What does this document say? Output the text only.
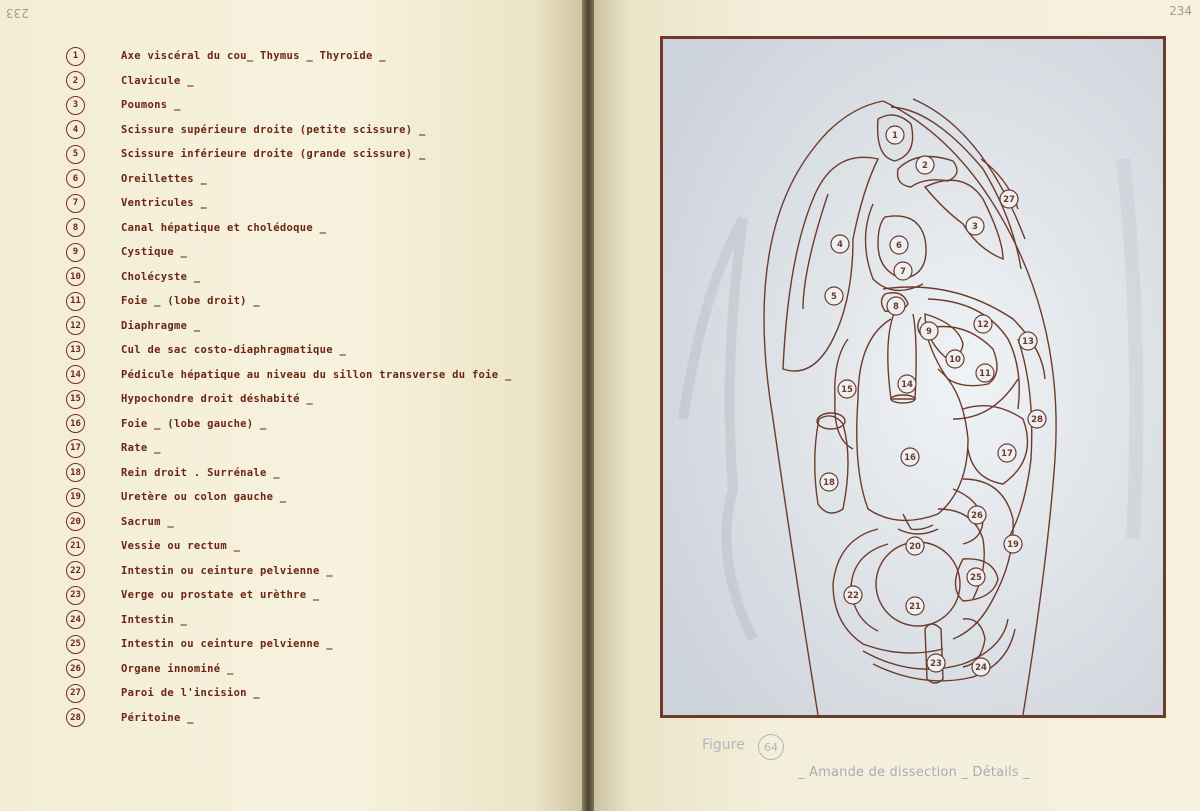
233
1	Axe viscéral du cou_ Thymus _ Thyroïde _
2	Clavicule _
3	Poumons _
4	Scissure supérieure droite (petite scissure) _
5	Scissure inférieure droite (grande scissure) _
6	Oreillettes _
7	Ventricules _
8	Canal hépatique et cholédoque _
9	Cystique _
10	Cholécyste _
11	Foie _ (lobe droit) _
12	Diaphragme _
13	Cul de sac costo-diaphragmatique _
14	Pédicule hépatique au niveau du sillon transverse du foie _
15	Hypochondre droit déshabité _
16	Foie _ (lobe gauche) _
17	Rate _
18	Rein droit . Surrénale _
19	Uretère ou colon gauche _
20	Sacrum _
21	Vessie ou rectum _
22	Intestin ou ceinture pelvienne _
23	Verge ou prostate et urèthre _
24	Intestin _
25	Intestin ou ceinture pelvienne _
26	Organe innominé _
27	Paroi de l'incision _
28	Péritoine _
234
1
2
3
4
5
6
7
8
9
10
11
12
13
14
15
16	17
18
19
20
21
22
23	24
25
26
27
28
Figure	64
_ Amande de dissection _ Détails _
